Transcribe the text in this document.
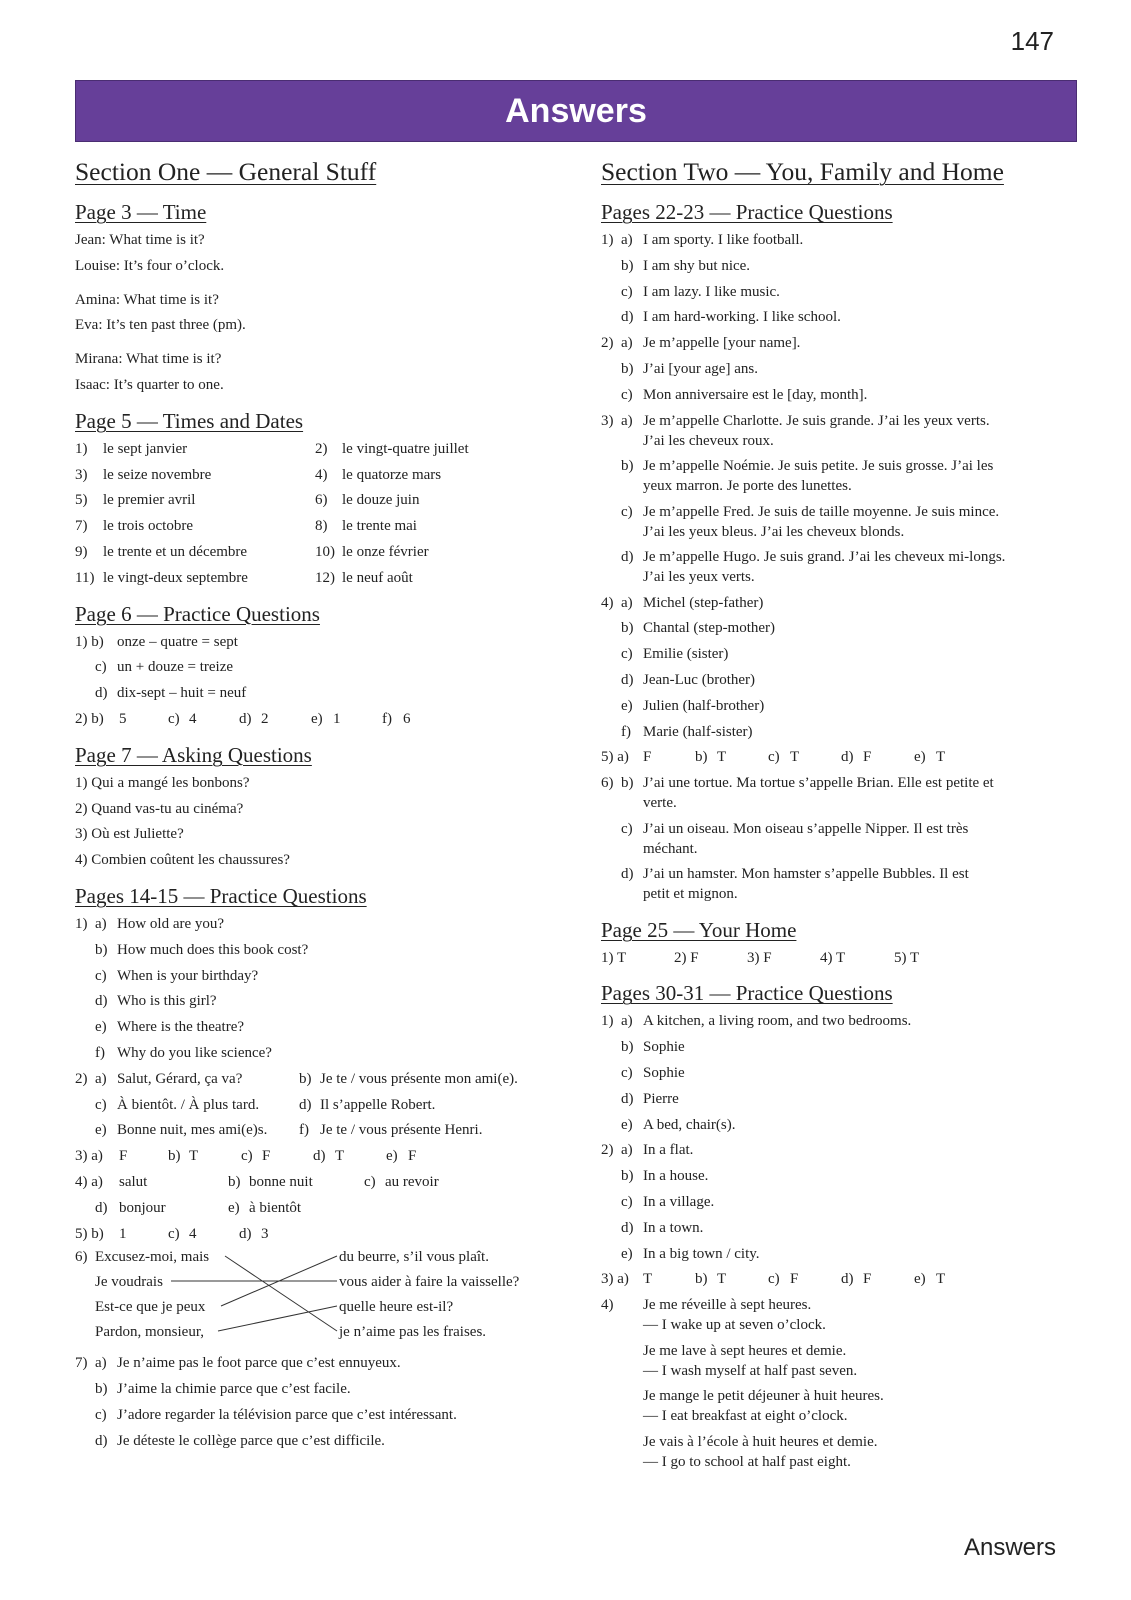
147
Answers
Section One — General Stuff
Page 3 — Time
Jean: What time is it?
Louise: It’s four o’clock.
Amina: What time is it?
Eva: It’s ten past three (pm).
Mirana: What time is it?
Isaac: It’s quarter to one.
Page 5 — Times and Dates
1) le sept janvier	2) le vingt-quatre juillet
3) le seize novembre	4) le quatorze mars
5) le premier avril	6) le douze juin
7) le trois octobre	8) le trente mai
9) le trente et un décembre	10) le onze février
11) le vingt-deux septembre	12) le neuf août
Page 6 — Practice Questions
1) b) onze – quatre = sept
c) un + douze = treize
d) dix-sept – huit = neuf
2) b) 5	c) 4	d) 2	e) 1	f) 6
Page 7 — Asking Questions
1) Qui a mangé les bonbons?
2) Quand vas-tu au cinéma?
3) Où est Juliette?
4) Combien coûtent les chaussures?
Pages 14-15 — Practice Questions
1) a) How old are you?
b) How much does this book cost?
c) When is your birthday?
d) Who is this girl?
e) Where is the theatre?
f) Why do you like science?
2) a) Salut, Gérard, ça va?	b) Je te / vous présente mon ami(e).
c) À bientôt. / À plus tard.	d) Il s’appelle Robert.
e) Bonne nuit, mes ami(e)s. f) Je te / vous présente Henri.
3) a) F	b) T	c) F	d) T	e) F
4) a) salut	b) bonne nuit	c) au revoir
d) bonjour	e) à bientôt
5) b) 1	c) 4	d) 3
6) Excusez-moi, mais
Je voudrais
Est-ce que je peux
Pardon, monsieur,
du beurre, s’il vous plaît.
vous aider à faire la vaisselle?
quelle heure est-il?
je n’aime pas les fraises.
7) a) Je n’aime pas le foot parce que c’est ennuyeux.
b) J’aime la chimie parce que c’est facile.
c) J’adore regarder la télévision parce que c’est intéressant.
d) Je déteste le collège parce que c’est difficile.
Section Two — You, Family and Home
Pages 22-23 — Practice Questions
1) a) I am sporty. I like football.
b) I am shy but nice.
c) I am lazy. I like music.
d) I am hard-working. I like school.
2) a) Je m’appelle [your name].
b) J’ai [your age] ans.
c) Mon anniversaire est le [day, month].
3) a) Je m’appelle Charlotte. Je suis grande. J’ai les yeux verts.
J’ai les cheveux roux.
b) Je m’appelle Noémie. Je suis petite. Je suis grosse. J’ai les
yeux marron. Je porte des lunettes.
c) Je m’appelle Fred. Je suis de taille moyenne. Je suis mince.
J’ai les yeux bleus. J’ai les cheveux blonds.
d) Je m’appelle Hugo. Je suis grand. J’ai les cheveux mi-longs.
J’ai les yeux verts.
4) a) Michel (step-father)
b) Chantal (step-mother)
c) Emilie (sister)
d) Jean-Luc (brother)
e) Julien (half-brother)
f) Marie (half-sister)
5) a) F	b) T	c) T	d) F	e) T
6) b) J’ai une tortue. Ma tortue s’appelle Brian. Elle est petite et
verte.
c) J’ai un oiseau. Mon oiseau s’appelle Nipper. Il est très
méchant.
d) J’ai un hamster. Mon hamster s’appelle Bubbles. Il est
petit et mignon.
Page 25 — Your Home
1) T	2) F	3) F	4) T	5) T
Pages 30-31 — Practice Questions
1) a) A kitchen, a living room, and two bedrooms.
b) Sophie
c) Sophie
d) Pierre
e) A bed, chair(s).
2) a) In a flat.
b) In a house.
c) In a village.
d) In a town.
e) In a big town / city.
3) a) T	b) T	c) F	d) F	e) T
4) Je me réveille à sept heures.
— I wake up at seven o’clock.
Je me lave à sept heures et demie.
— I wash myself at half past seven.
Je mange le petit déjeuner à huit heures.
— I eat breakfast at eight o’clock.
Je vais à l’école à huit heures et demie.
— I go to school at half past eight.
Answers
